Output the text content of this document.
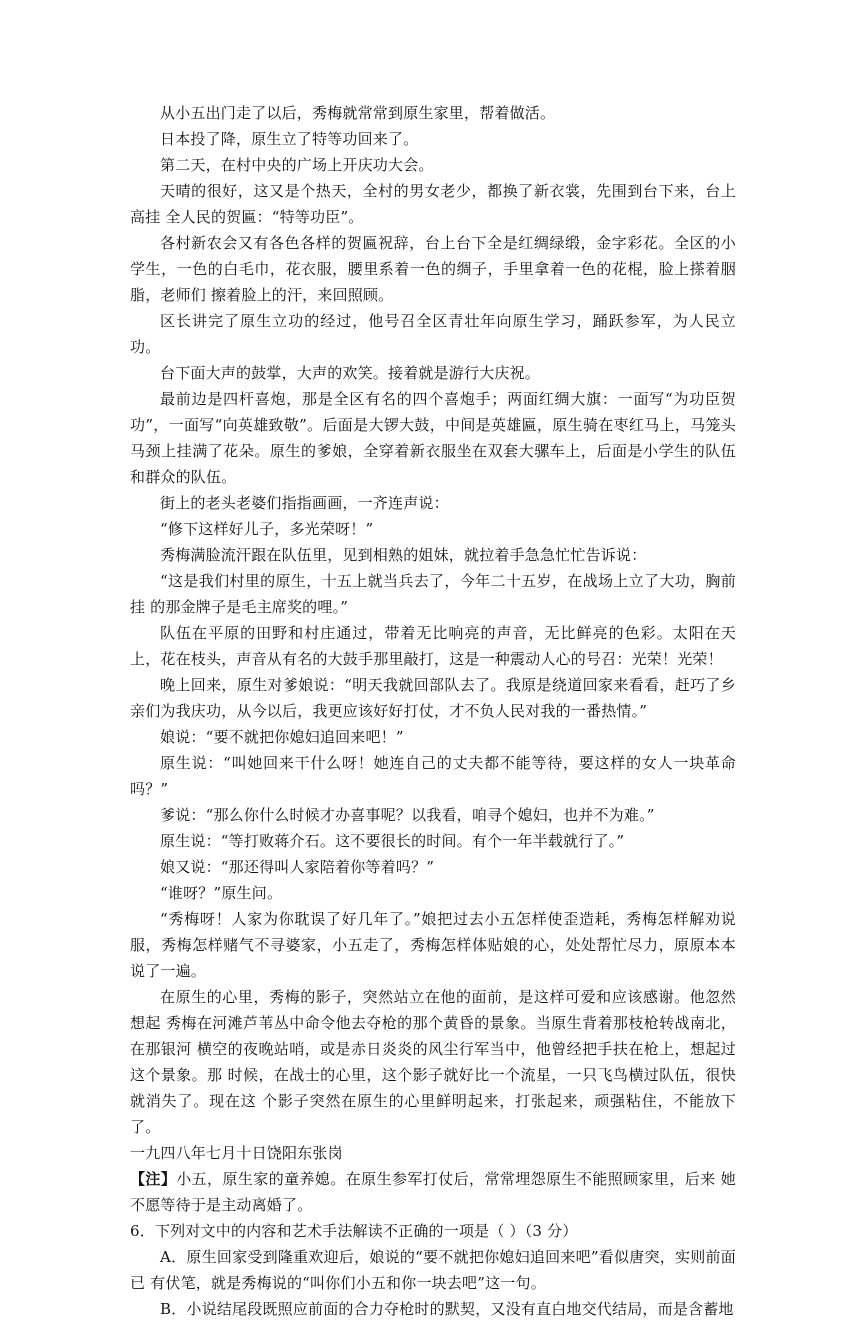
从小五出门走了以后，秀梅就常常到原生家里，帮着做活。

日本投了降，原生立了特等功回来了。

第二天，在村中央的广场上开庆功大会。

天晴的很好，这又是个热天，全村的男女老少，都换了新衣裳，先围到台下来，台上高挂 全人民的贺匾：“特等功臣”。

各村新农会又有各色各样的贺匾祝辞，台上台下全是红绸绿缎，金字彩花。全区的小学生，一色的白毛巾，花衣服，腰里系着一色的绸子，手里拿着一色的花棍，脸上搽着胭脂，老师们 擦着脸上的汗，来回照顾。

区长讲完了原生立功的经过，他号召全区青壮年向原生学习，踊跃参军，为人民立功。

台下面大声的鼓掌，大声的欢笑。接着就是游行大庆祝。

最前边是四杆喜炮，那是全区有名的四个喜炮手；两面红绸大旗：一面写“为功臣贺功”，一面写“向英雄致敬”。后面是大锣大鼓，中间是英雄匾，原生骑在枣红马上，马笼头马颈上挂满了花朵。原生的爹娘，全穿着新衣服坐在双套大骡车上，后面是小学生的队伍和群众的队伍。

街上的老头老婆们指指画画，一齐连声说：

“修下这样好儿子，多光荣呀！”

秀梅满脸流汗跟在队伍里，见到相熟的姐妹，就拉着手急急忙忙告诉说：

“这是我们村里的原生，十五上就当兵去了，今年二十五岁，在战场上立了大功，胸前挂 的那金牌子是毛主席奖的哩。”

队伍在平原的田野和村庄通过，带着无比响亮的声音，无比鲜亮的色彩。太阳在天上，花在枝头，声音从有名的大鼓手那里敲打，这是一种震动人心的号召：光荣！光荣！

晚上回来，原生对爹娘说：“明天我就回部队去了。我原是绕道回家来看看，赶巧了乡亲们为我庆功，从今以后，我更应该好好打仗，才不负人民对我的一番热情。”

娘说：“要不就把你媳妇追回来吧！”

原生说：“叫她回来干什么呀！她连自己的丈夫都不能等待，要这样的女人一块革命吗？”

爹说：“那么你什么时候才办喜事呢？以我看，咱寻个媳妇，也并不为难。”

原生说：“等打败蒋介石。这不要很长的时间。有个一年半载就行了。”

娘又说：“那还得叫人家陪着你等着吗？”

“谁呀？”原生问。

“秀梅呀！人家为你耽误了好几年了。”娘把过去小五怎样使歪造耗，秀梅怎样解劝说服，秀梅怎样赌气不寻婆家，小五走了，秀梅怎样体贴娘的心，处处帮忙尽力，原原本本说了一遍。

在原生的心里，秀梅的影子，突然站立在他的面前，是这样可爱和应该感谢。他忽然想起 秀梅在河滩芦苇丛中命令他去夺枪的那个黄昏的景象。当原生背着那枝枪转战南北，在那银河 横空的夜晚站哨，或是赤日炎炎的风尘行军当中，他曾经把手扶在枪上，想起过这个景象。那 时候，在战士的心里，这个影子就好比一个流星，一只飞鸟横过队伍，很快就消失了。现在这 个影子突然在原生的心里鲜明起来，打张起来，顽强粘住，不能放下了。

一九四八年七月十日饶阳东张岗

【注】小五，原生家的童养媳。在原生参军打仗后，常常埋怨原生不能照顾家里，后来 她不愿等待于是主动离婚了。

6．下列对文中的内容和艺术手法解读不正确的一项是（ ）（3 分）

A．原生回家受到隆重欢迎后，娘说的“要不就把你媳妇追回来吧”看似唐突，实则前面已 有伏笔，就是秀梅说的“叫你们小五和你一块去吧”这一句。

B．小说结尾段既照应前面的合力夺枪时的默契，又没有直白地交代结局，而是含蓄地
